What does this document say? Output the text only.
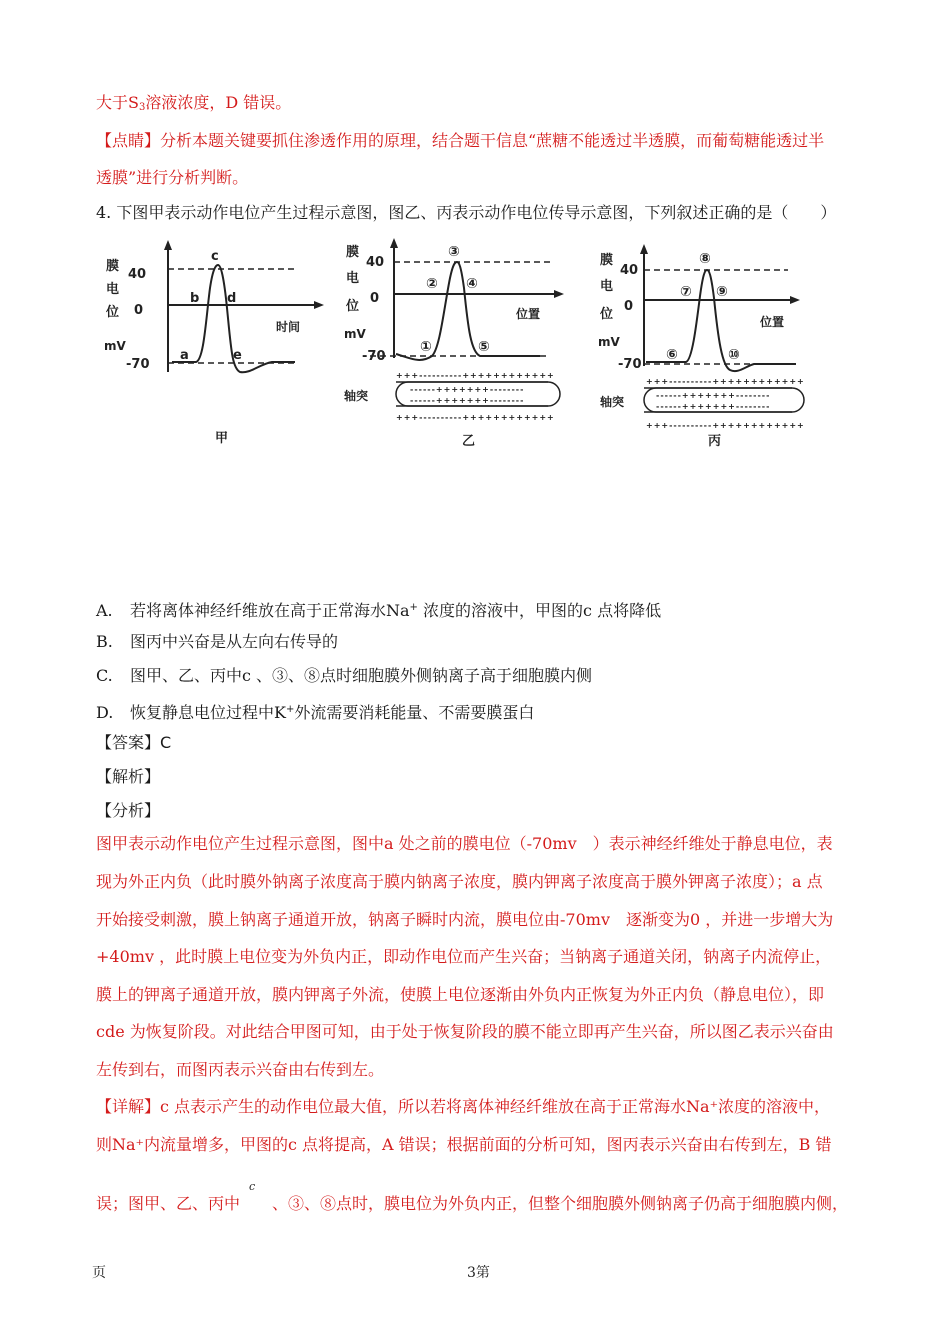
大于$S_3$溶液浓度，D 错误。
【点睛】分析本题关键要抓住渗透作用的原理，结合题干信息“蔗糖不能透过半透膜，而葡萄糖能透过半
透膜”进行分析判断。
4. 下图甲表示动作电位产生过程示意图，图乙、丙表示动作电位传导示意图，下列叙述正确的是（　　）
膜
电
位
mV
40
0
-70
a
b
c
d
e
时间
甲
膜
电
位
mV
40
0
-70
①
②
③
④
⑤
位置
+++----------++++++++++++
------+++++++--------
------+++++++--------
轴突
+++----------++++++++++++
乙
膜
电
位
mV
40
0
-70
⑥
⑦
⑧
⑨
⑩
位置
+++----------++++++++++++
------+++++++--------
------+++++++--------
轴突
+++----------++++++++++++
丙
A. 若将离体神经纤维放在高于正常海水Na+ 浓度的溶液中，甲图的c 点将降低
B. 图丙中兴奋是从左向右传导的
C. 图甲、乙、丙中c 、③、⑧点时细胞膜外侧钠离子高于细胞膜内侧
D. 恢复静息电位过程中K+外流需要消耗能量、不需要膜蛋白
【答案】C
【解析】
【分析】
图甲表示动作电位产生过程示意图，图中a 处之前的膜电位（-70mv　）表示神经纤维处于静息电位，表
现为外正内负（此时膜外钠离子浓度高于膜内钠离子浓度，膜内钾离子浓度高于膜外钾离子浓度）；a 点
开始接受刺激，膜上钠离子通道开放，钠离子瞬时内流，膜电位由-70mv　逐渐变为0 ，并进一步增大为
+40mv ，此时膜上电位变为外负内正，即动作电位而产生兴奋；当钠离子通道关闭，钠离子内流停止，
膜上的钾离子通道开放，膜内钾离子外流，使膜上电位逐渐由外负内正恢复为外正内负（静息电位），即
cde 为恢复阶段。对此结合甲图可知，由于处于恢复阶段的膜不能立即再产生兴奋，所以图乙表示兴奋由
左传到右，而图丙表示兴奋由右传到左。
【详解】c 点表示产生的动作电位最大值，所以若将离体神经纤维放在高于正常海水Na⁺浓度的溶液中，
则Na⁺内流量增多，甲图的c 点将提高，A 错误；根据前面的分析可知，图丙表示兴奋由右传到左，B 错
c
误；图甲、乙、丙中　　、③、⑧点时，膜电位为外负内正，但整个细胞膜外侧钠离子仍高于细胞膜内侧，
页	3第
